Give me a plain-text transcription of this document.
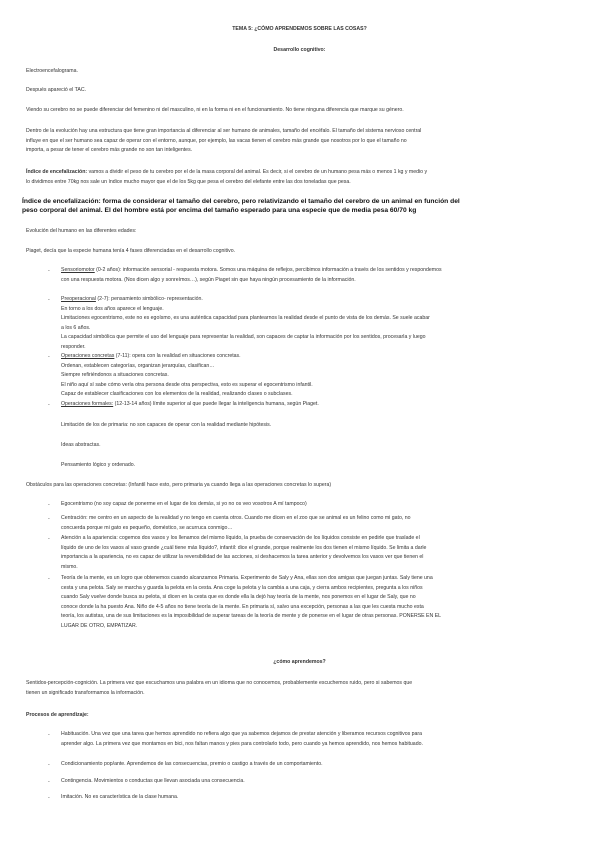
TEMA 5: ¿CÓMO APRENDEMOS SOBRE LAS COSAS?
Desarrollo cognitivo:
Electroencefalograma.
Después apareció el TAC.
Viendo su cerebro no se puede diferenciar del femenino ni del masculino, ni en la forma ni en el funcionamiento. No tiene ninguna diferencia que marque su género.

Dentro de la evolución hay una estructura que tiene gran importancia al diferenciar al ser humano de animales, tamaño del encéfalo. El tamaño del sistema nervioso central

influye en que el ser humano sea capaz de operar con el entorno, aunque, por ejemplo, las vacas tienen el cerebro más grande que nosotros por lo que el tamaño no

importa, a pesar de tener el cerebro más grande no son tan inteligentes.

Índice de encefalización: vamos a dividir el peso de tu cerebro por el de la masa corporal del animal. Es decir, si el cerebro de un humano pesa más o menos 1 kg y medio y

lo dividimos entre 70kg nos sale un índice mucho mayor que el de los 5kg que pesa el cerebro del elefante entre las dos toneladas que pesa.

Índice de encefalización: forma de considerar el tamaño del cerebro, pero relativizando el tamaño del cerebro de un animal en función del

peso corporal del animal. El del hombre está por encima del tamaño esperado para una especie que de media pesa 60/70 kg

Evolución del humano en las diferentes edades:
Piaget, decía que la especie humana tenía 4 fases diferenciadas en el desarrollo cognitivo.
- Sensoriomotor (0-2 años): información sensorial - respuesta motora. Somos una máquina de reflejos, percibimos información a través de los sentidos y respondemos

con una respuesta motora. (Nos dicen algo y sonreímos…), según Piaget sin que haya ningún procesamiento de la información.

- Preoperacional (2-7): pensamiento simbólico- representación.

En torno a los dos años aparece el lenguaje.

Limitaciones egocentrismo, este no es egoísmo, es una auténtica capacidad para plantearnos la realidad desde el punto de vista de los demás. Se suele acabar

a los 6 años.

La capacidad simbólica que permite el uso del lenguaje para representar la realidad, son capaces de captar la información por los sentidos, procesarla y luego

responder.

- Operaciones concretas (7-11): opera con la realidad en situaciones concretas.

Ordenan, establecen categorías, organizan jerarquías, clasifican…

Siempre refiriéndonos a situaciones concretas.

El niño aquí sí sabe cómo vería otra persona desde otra perspectiva, esto es superar el egocentrismo infantil.

Capaz de establecer clasificaciones con los elementos de la realidad, realizando clases o subclases.

- Operaciones formales: (12-13-14 años) límite superior al que puede llegar la inteligencia humana, según Piaget.

Limitación de los de primaria: no son capaces de operar con la realidad mediante hipótesis.

Ideas abstractas.

Pensamiento lógico y ordenado.

Obstáculos para las operaciones concretas: (Infantil hace esto, pero primaria ya cuando llega a las operaciones concretas lo supera)
- Egocentrismo (no soy capaz de ponerme en el lugar de los demás, si yo no os veo vosotros A mí tampoco)

- Centración: me centro en un aspecto de la realidad y no tengo en cuenta otros. Cuando me dicen en el zoo que se animal es un felino como mi gato, no

concuerda porque mi gato es pequeño, doméstico, se acurruca conmigo…

- Atención a la apariencia: cogemos dos vasos y los llenamos del mismo líquido, la prueba de conservación de los líquidos consiste en pedirle que traslade el

líquido de uno de los vasos al vaso grande ¿cuál tiene más líquido?, infantil: dice el grande, porque realmente los dos tienen el mismo líquido. Se limita a darle

importancia a la apariencia, no es capaz de utilizar la reversibilidad de las acciones, si deshacemos la tarea anterior y devolvemos los vasos ver que tienen el

mismo.

- Teoría de la mente, es un logro que obtenemos cuando alcanzamos Primaria. Experimento de Saly y Ana, ellas son dos amigas que juegan juntas. Saly tiene una

cesta y una pelota. Saly se marcha y guarda la pelota en la cesta. Ana coge la pelota y la cambia a una caja, y cierra ambos recipientes, pregunta a los niños

cuando Saly vuelve donde busca su pelota, si dicen en la cesta que es donde ella la dejó hay teoría de la mente, nos ponemos en el lugar de Saly, que no

conoce donde la ha puesto Ana. Niño de 4-5 años no tiene teoría de la mente. En primaria sí, salvo una excepción, personas a las que les cuesta mucho esta

teoría, los autistas, una de sus limitaciones es la imposibilidad de superar tareas de la teoría de mente y de ponerse en el lugar de otras personas. PONERSE EN EL

LUGAR DE OTRO, EMPATIZAR.

¿cómo aprendemos?

Sentidos-percepción-cognición. La primera vez que escuchamos una palabra en un idioma que no conocemos, probablemente escuchemos ruido, pero si sabemos que

tienen un significado transformamos la información.

Procesos de aprendizaje:
- Habituación. Una vez que una tarea que hemos aprendido no refiera algo que ya sabemos dejamos de prestar atención y liberamos recursos cognitivos para

aprender algo. La primera vez que montamos en bici, nos faltan manos y pies para controlarlo todo, pero cuando ya hemos aprendido, nos hemos habituado.

- Condicionamiento pop/ante. Aprendemos de las consecuencias, premio o castigo a través de un comportamiento.

- Contingencia. Movimientos o conductas que llevan asociada una consecuencia.

- Imitación. No es característica de la clase humana.
